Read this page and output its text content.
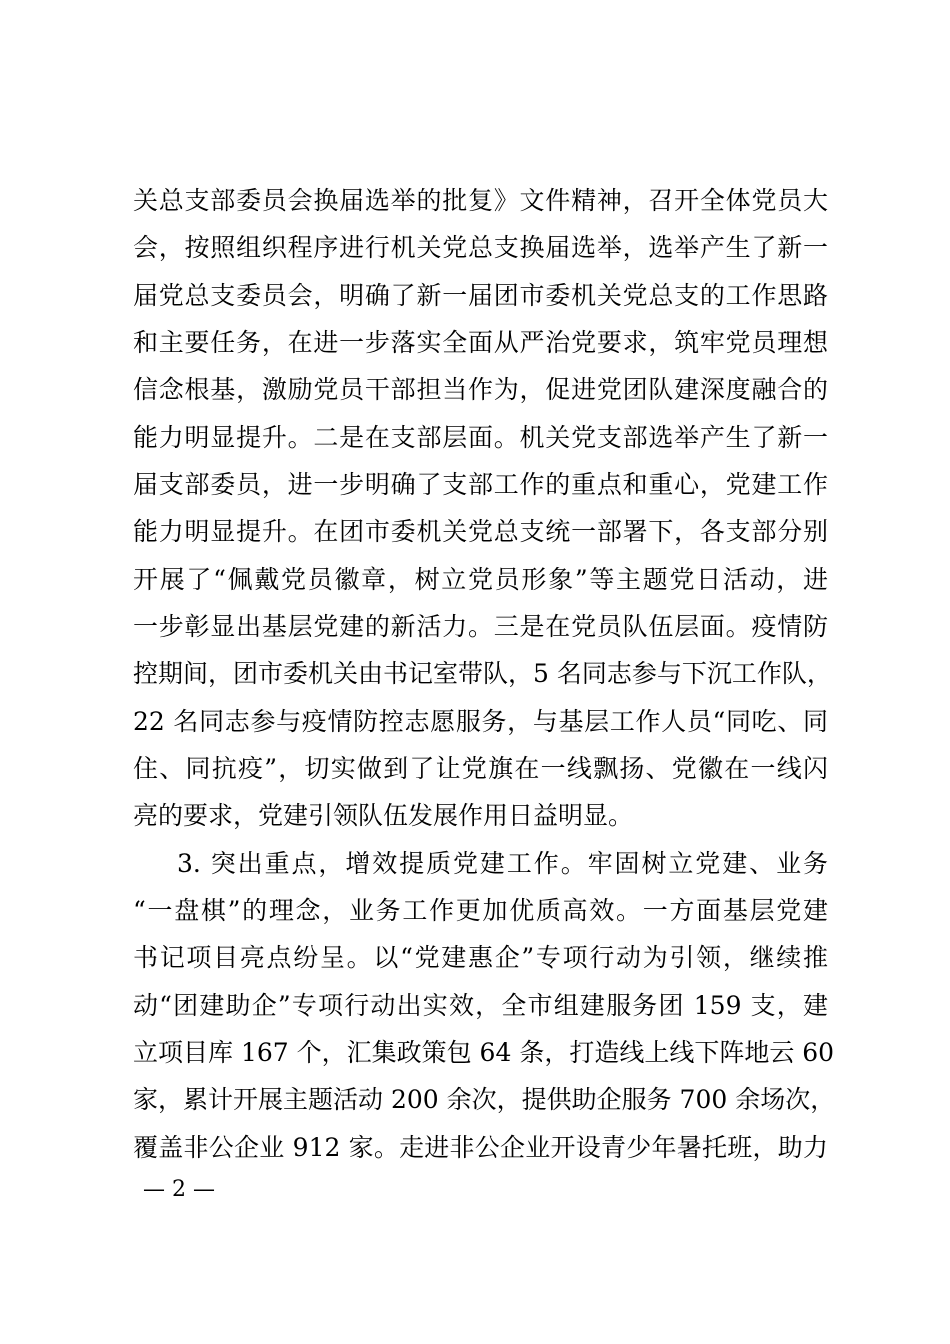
关总支部委员会换届选举的批复》文件精神，召开全体党员大
会，按照组织程序进行机关党总支换届选举，选举产生了新一
届党总支委员会，明确了新一届团市委机关党总支的工作思路
和主要任务，在进一步落实全面从严治党要求，筑牢党员理想
信念根基，激励党员干部担当作为，促进党团队建深度融合的
能力明显提升。二是在支部层面。机关党支部选举产生了新一
届支部委员，进一步明确了支部工作的重点和重心，党建工作
能力明显提升。在团市委机关党总支统一部署下，各支部分别
开展了“佩戴党员徽章，树立党员形象”等主题党日活动，进
一步彰显出基层党建的新活力。三是在党员队伍层面。疫情防
控期间，团市委机关由书记室带队，5 名同志参与下沉工作队，
22 名同志参与疫情防控志愿服务，与基层工作人员“同吃、同
住、同抗疫”，切实做到了让党旗在一线飘扬、党徽在一线闪
亮的要求，党建引领队伍发展作用日益明显。
3. 突出重点，增效提质党建工作。牢固树立党建、业务
“一盘棋”的理念，业务工作更加优质高效。一方面基层党建
书记项目亮点纷呈。以“党建惠企”专项行动为引领，继续推
动“团建助企”专项行动出实效，全市组建服务团 159 支，建
立项目库 167 个，汇集政策包 64 条，打造线上线下阵地云 60
家，累计开展主题活动 200 余次，提供助企服务 700 余场次，
覆盖非公企业 912 家。走进非公企业开设青少年暑托班，助力
— 2 —
